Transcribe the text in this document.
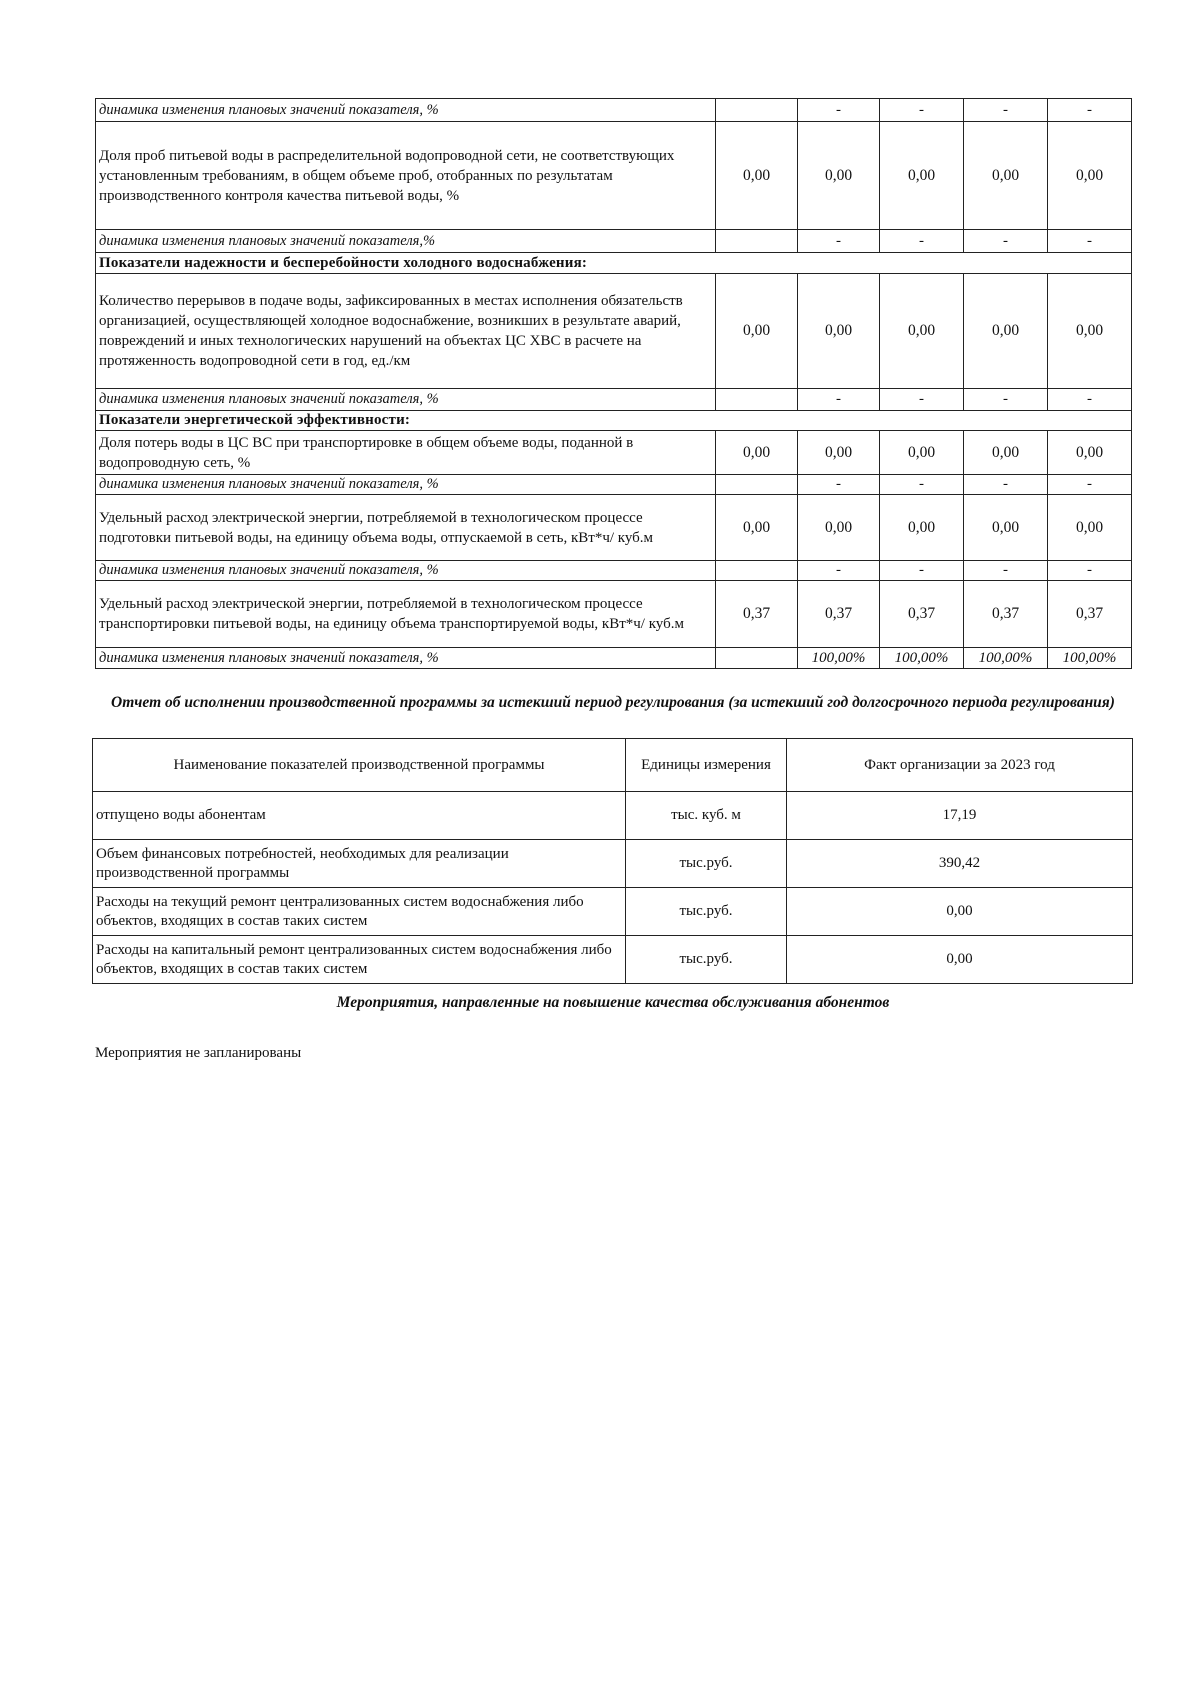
динамика изменения плановых значений показателя, %		-	-	-	-
Доля проб питьевой воды в распределительной водопроводной сети, не соответствующих установленным требованиям, в общем объеме проб, отобранных по результатам производственного контроля качества питьевой воды, %	0,00	0,00	0,00	0,00	0,00
динамика изменения плановых значений показателя,%		-	-	-	-
Показатели надежности и бесперебойности холодного водоснабжения:					
Количество перерывов в подаче воды, зафиксированных в местах исполнения обязательств организацией, осуществляющей холодное водоснабжение, возникших в результате аварий, повреждений и иных технологических нарушений на объектах ЦС ХВС в расчете на протяженность водопроводной сети в год, ед./км	0,00	0,00	0,00	0,00	0,00
динамика изменения плановых значений показателя, %		-	-	-	-
Показатели энергетической эффективности:					
Доля потерь воды в ЦС ВС при транспортировке в общем объеме воды, поданной в водопроводную сеть, %	0,00	0,00	0,00	0,00	0,00
динамика изменения плановых значений показателя, %		-	-	-	-
Удельный расход электрической энергии, потребляемой в технологическом процессе подготовки питьевой воды, на единицу объема воды, отпускаемой в сеть, кВт*ч/ куб.м	0,00	0,00	0,00	0,00	0,00
динамика изменения плановых значений показателя, %		-	-	-	-
Удельный расход электрической энергии, потребляемой в технологическом процессе транспортировки питьевой воды, на единицу объема транспортируемой воды, кВт*ч/ куб.м	0,37	0,37	0,37	0,37	0,37
динамика изменения плановых значений показателя, %		100,00%	100,00%	100,00%	100,00%
Отчет об исполнении производственной программы за истекший период регулирования (за истекший год долгосрочного периода регулирования)
Наименование показателей производственной программы	Единицы измерения	Факт организации за 2023 год
отпущено воды абонентам	тыс. куб. м	17,19
Объем финансовых потребностей, необходимых для реализации производственной программы	тыс.руб.	390,42
Расходы на текущий ремонт централизованных систем водоснабжения либо объектов, входящих в состав таких систем	тыс.руб.	0,00
Расходы на капитальный ремонт централизованных систем водоснабжения либо объектов, входящих в состав таких систем	тыс.руб.	0,00
Мероприятия, направленные на повышение качества обслуживания абонентов
Мероприятия не запланированы
